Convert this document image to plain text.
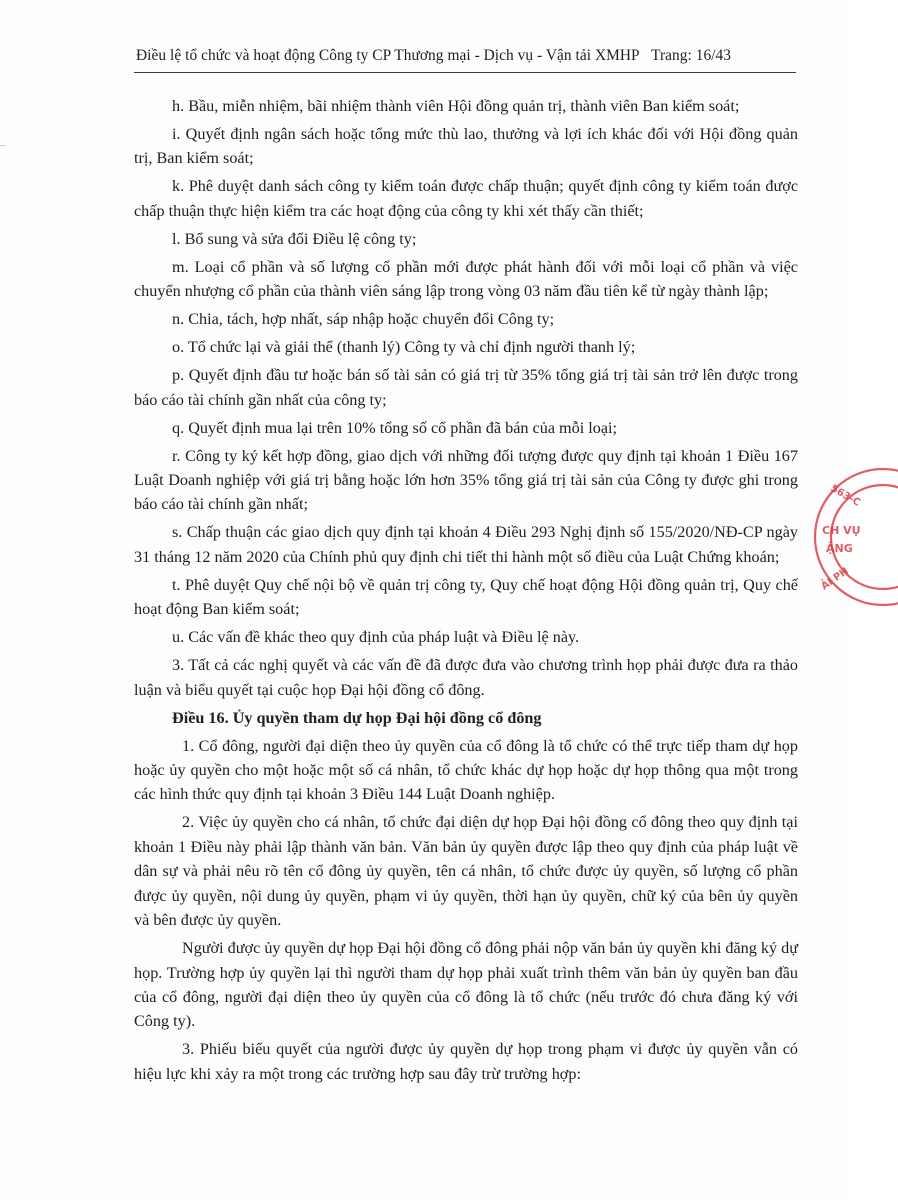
Điều lệ tổ chức và hoạt động Công ty CP Thương mại - Dịch vụ - Vận tải XMHP Trang: 16/43

h. Bầu, miễn nhiệm, bãi nhiệm thành viên Hội đồng quản trị, thành viên Ban kiểm soát;

i. Quyết định ngân sách hoặc tổng mức thù lao, thưởng và lợi ích khác đối với Hội đồng quản trị, Ban kiểm soát;

k. Phê duyệt danh sách công ty kiểm toán được chấp thuận; quyết định công ty kiểm toán được chấp thuận thực hiện kiểm tra các hoạt động của công ty khi xét thấy cần thiết;

l. Bổ sung và sửa đổi Điều lệ công ty;

m. Loại cổ phần và số lượng cổ phần mới được phát hành đối với mỗi loại cổ phần và việc chuyển nhượng cổ phần của thành viên sáng lập trong vòng 03 năm đầu tiên kể từ ngày thành lập;

n. Chia, tách, hợp nhất, sáp nhập hoặc chuyển đổi Công ty;

o. Tổ chức lại và giải thể (thanh lý) Công ty và chỉ định người thanh lý;

p. Quyết định đầu tư hoặc bán số tài sản có giá trị từ 35% tổng giá trị tài sản trở lên được trong báo cáo tài chính gần nhất của công ty;

q. Quyết định mua lại trên 10% tổng số cổ phần đã bán của mỗi loại;

r. Công ty ký kết hợp đồng, giao dịch với những đối tượng được quy định tại khoản 1 Điều 167 Luật Doanh nghiệp với giá trị bằng hoặc lớn hơn 35% tổng giá trị tài sản của Công ty được ghi trong báo cáo tài chính gần nhất;

s. Chấp thuận các giao dịch quy định tại khoản 4 Điều 293 Nghị định số 155/2020/NĐ-CP ngày 31 tháng 12 năm 2020 của Chính phủ quy định chi tiết thi hành một số điều của Luật Chứng khoán;

t. Phê duyệt Quy chế nội bộ về quản trị công ty, Quy chế hoạt động Hội đồng quản trị, Quy chế hoạt động Ban kiểm soát;

u. Các vấn đề khác theo quy định của pháp luật và Điều lệ này.

3. Tất cả các nghị quyết và các vấn đề đã được đưa vào chương trình họp phải được đưa ra thảo luận và biểu quyết tại cuộc họp Đại hội đồng cổ đông.

Điều 16. Ủy quyền tham dự họp Đại hội đồng cổ đông

1. Cổ đông, người đại diện theo ủy quyền của cổ đông là tổ chức có thể trực tiếp tham dự họp hoặc ủy quyền cho một hoặc một số cá nhân, tổ chức khác dự họp hoặc dự họp thông qua một trong các hình thức quy định tại khoản 3 Điều 144 Luật Doanh nghiệp.

2. Việc ủy quyền cho cá nhân, tổ chức đại diện dự họp Đại hội đồng cổ đông theo quy định tại khoản 1 Điều này phải lập thành văn bản. Văn bản ủy quyền được lập theo quy định của pháp luật về dân sự và phải nêu rõ tên cổ đông ủy quyền, tên cá nhân, tổ chức được ủy quyền, số lượng cổ phần được ủy quyền, nội dung ủy quyền, phạm vi ủy quyền, thời hạn ủy quyền, chữ ký của bên ủy quyền và bên được ủy quyền.

Người được ủy quyền dự họp Đại hội đồng cổ đông phải nộp văn bản ủy quyền khi đăng ký dự họp. Trường hợp ủy quyền lại thì người tham dự họp phải xuất trình thêm văn bản ủy quyền ban đầu của cổ đông, người đại diện theo ủy quyền của cổ đông là tổ chức (nếu trước đó chưa đăng ký với Công ty).

3. Phiếu biểu quyết của người được ủy quyền dự họp trong phạm vi được ủy quyền vẫn có hiệu lực khi xảy ra một trong các trường hợp sau đây trừ trường hợp:

563-C
CH VỤ
ẬNG
ẢI PH
